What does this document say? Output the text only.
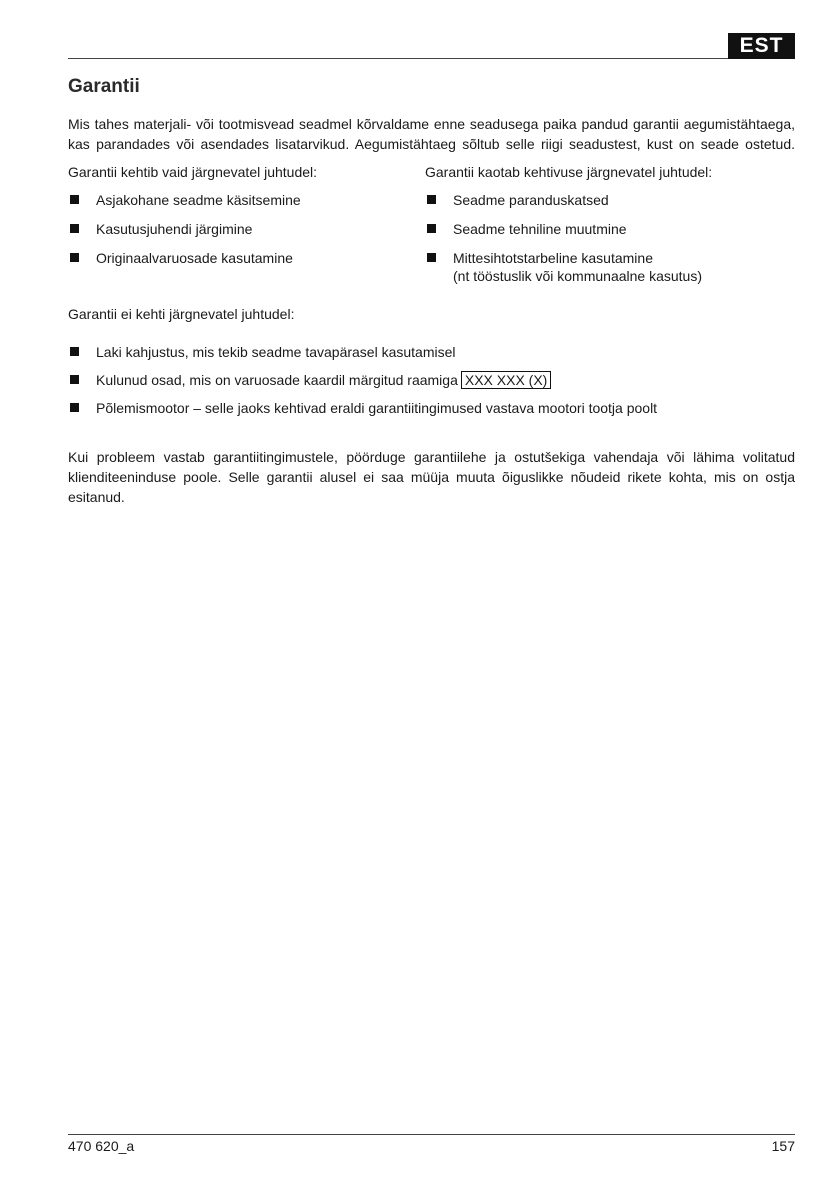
EST
Garantii

Mis tahes materjali- või tootmisvead seadmel kõrvaldame enne seadusega paika pandud garantii aegumistähtaega, kas parandades või asendades lisatarvikud. Aegumistähtaeg sõltub selle riigi seadustest, kust on seade ostetud.

Garantii kehtib vaid järgnevatel juhtudel:

Asjakohane seadme käsitsemine
Kasutusjuhendi järgimine
Originaalvaruosade kasutamine

Garantii kaotab kehtivuse järgnevatel juhtudel:

Seadme paranduskatsed
Seadme tehniline muutmine
Mittesihtotstarbeline kasutamine
(nt tööstuslik või kommunaalne kasutus)

Garantii ei kehti järgnevatel juhtudel:

Laki kahjustus, mis tekib seadme tavapärasel kasutamisel
Kulunud osad, mis on varuosade kaardil märgitud raamiga XXX XXX (X)
Põlemismootor – selle jaoks kehtivad eraldi garantiitingimused vastava mootori tootja poolt

Kui probleem vastab garantiitingimustele, pöörduge garantiilehe ja ostutšekiga vahendaja või lähima volitatud klienditeeninduse poole. Selle garantii alusel ei saa müüja muuta õiguslikke nõudeid rikete kohta, mis on ostja esitanud.

470 620_a	157
